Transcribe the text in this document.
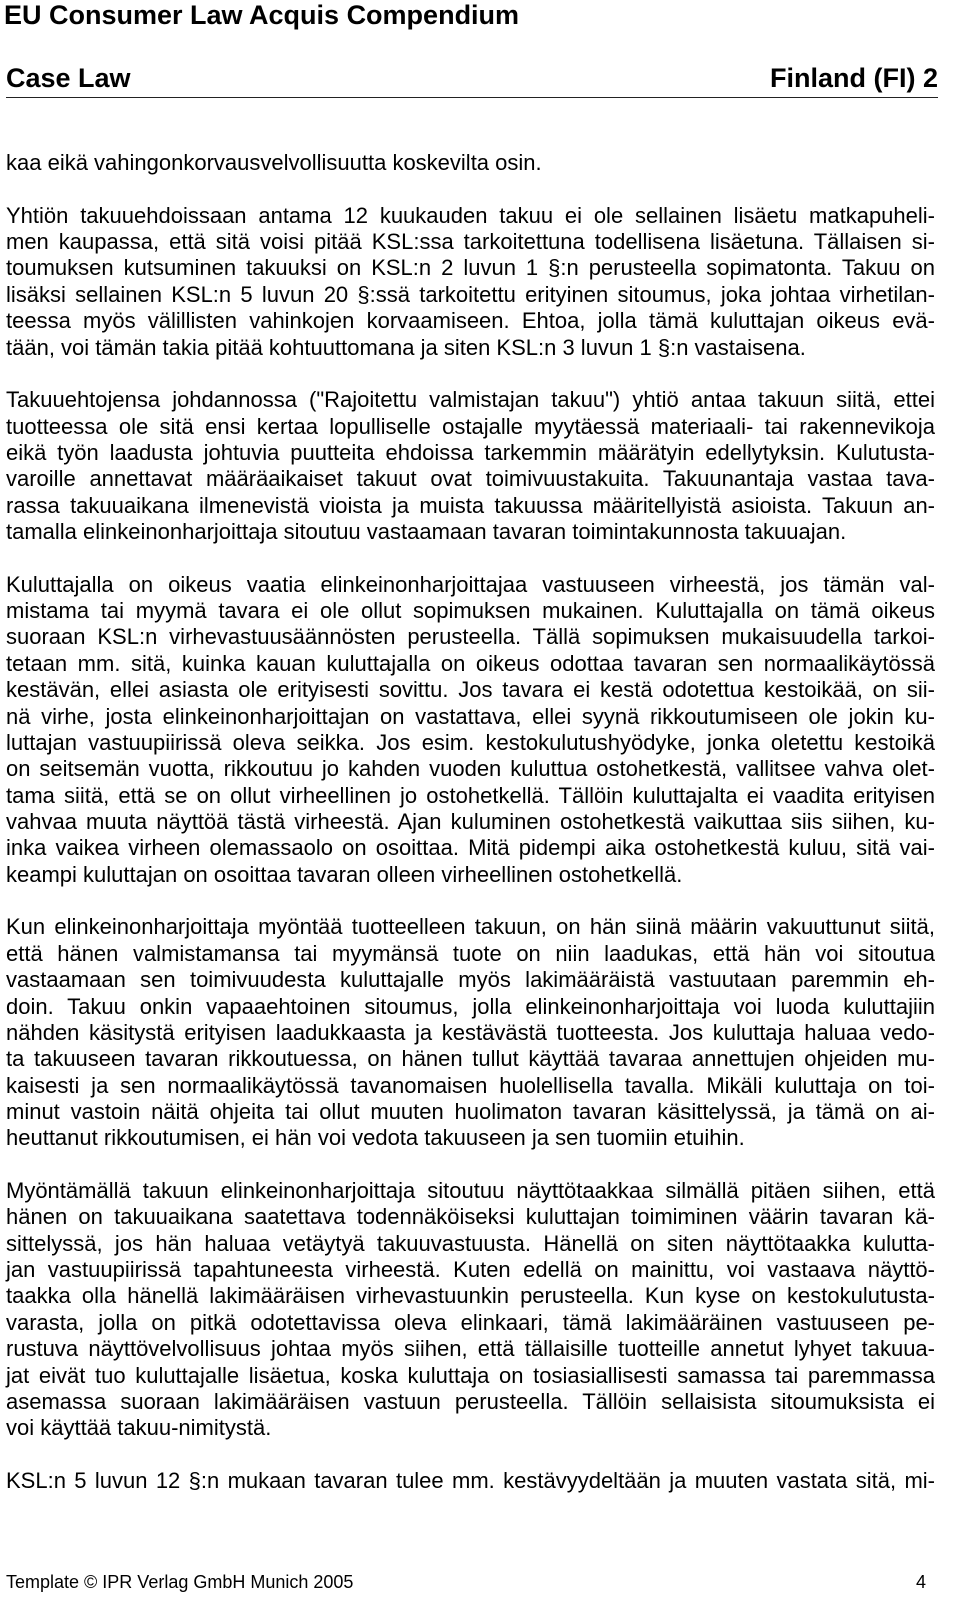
EU Consumer Law Acquis Compendium
Case Law	Finland (FI) 2
kaa eikä vahingonkorvausvelvollisuutta koskevilta osin.
Yhtiön takuuehdoissaan antama 12 kuukauden takuu ei ole sellainen lisäetu matkapuheli-
men kaupassa, että sitä voisi pitää KSL:ssa tarkoitettuna todellisena lisäetuna. Tällaisen si-
toumuksen kutsuminen takuuksi on KSL:n 2 luvun 1 §:n perusteella sopimatonta. Takuu on
lisäksi sellainen KSL:n 5 luvun 20 §:ssä tarkoitettu erityinen sitoumus, joka johtaa virhetilan-
teessa myös välillisten vahinkojen korvaamiseen. Ehtoa, jolla tämä kuluttajan oikeus evä-
tään, voi tämän takia pitää kohtuuttomana ja siten KSL:n 3 luvun 1 §:n vastaisena.
Takuuehtojensa johdannossa ("Rajoitettu valmistajan takuu") yhtiö antaa takuun siitä, ettei
tuotteessa ole sitä ensi kertaa lopulliselle ostajalle myytäessä materiaali- tai rakennevikoja
eikä työn laadusta johtuvia puutteita ehdoissa tarkemmin määrätyin edellytyksin. Kulutusta-
varoille annettavat määräaikaiset takuut ovat toimivuustakuita. Takuunantaja vastaa tava-
rassa takuuaikana ilmenevistä vioista ja muista takuussa määritellyistä asioista. Takuun an-
tamalla elinkeinonharjoittaja sitoutuu vastaamaan tavaran toimintakunnosta takuuajan.
Kuluttajalla on oikeus vaatia elinkeinonharjoittajaa vastuuseen virheestä, jos tämän val-
mistama tai myymä tavara ei ole ollut sopimuksen mukainen. Kuluttajalla on tämä oikeus
suoraan KSL:n virhevastuusäännösten perusteella. Tällä sopimuksen mukaisuudella tarkoi-
tetaan mm. sitä, kuinka kauan kuluttajalla on oikeus odottaa tavaran sen normaalikäytössä
kestävän, ellei asiasta ole erityisesti sovittu. Jos tavara ei kestä odotettua kestoikää, on sii-
nä virhe, josta elinkeinonharjoittajan on vastattava, ellei syynä rikkoutumiseen ole jokin ku-
luttajan vastuupiirissä oleva seikka. Jos esim. kestokulutushyödyke, jonka oletettu kestoikä
on seitsemän vuotta, rikkoutuu jo kahden vuoden kuluttua ostohetkestä, vallitsee vahva olet-
tama siitä, että se on ollut virheellinen jo ostohetkellä. Tällöin kuluttajalta ei vaadita erityisen
vahvaa muuta näyttöä tästä virheestä. Ajan kuluminen ostohetkestä vaikuttaa siis siihen, ku-
inka vaikea virheen olemassaolo on osoittaa. Mitä pidempi aika ostohetkestä kuluu, sitä vai-
keampi kuluttajan on osoittaa tavaran olleen virheellinen ostohetkellä.
Kun elinkeinonharjoittaja myöntää tuotteelleen takuun, on hän siinä määrin vakuuttunut siitä,
että hänen valmistamansa tai myymänsä tuote on niin laadukas, että hän voi sitoutua
vastaamaan sen toimivuudesta kuluttajalle myös lakimääräistä vastuutaan paremmin eh-
doin. Takuu onkin vapaaehtoinen sitoumus, jolla elinkeinonharjoittaja voi luoda kuluttajiin
nähden käsitystä erityisen laadukkaasta ja kestävästä tuotteesta. Jos kuluttaja haluaa vedo-
ta takuuseen tavaran rikkoutuessa, on hänen tullut käyttää tavaraa annettujen ohjeiden mu-
kaisesti ja sen normaalikäytössä tavanomaisen huolellisella tavalla. Mikäli kuluttaja on toi-
minut vastoin näitä ohjeita tai ollut muuten huolimaton tavaran käsittelyssä, ja tämä on ai-
heuttanut rikkoutumisen, ei hän voi vedota takuuseen ja sen tuomiin etuihin.
Myöntämällä takuun elinkeinonharjoittaja sitoutuu näyttötaakkaa silmällä pitäen siihen, että
hänen on takuuaikana saatettava todennäköiseksi kuluttajan toimiminen väärin tavaran kä-
sittelyssä, jos hän haluaa vetäytyä takuuvastuusta. Hänellä on siten näyttötaakka kulutta-
jan vastuupiirissä tapahtuneesta virheestä. Kuten edellä on mainittu, voi vastaava näyttö-
taakka olla hänellä lakimääräisen virhevastuunkin perusteella. Kun kyse on kestokulutusta-
varasta, jolla on pitkä odotettavissa oleva elinkaari, tämä lakimääräinen vastuuseen pe-
rustuva näyttövelvollisuus johtaa myös siihen, että tällaisille tuotteille annetut lyhyet takuua-
jat eivät tuo kuluttajalle lisäetua, koska kuluttaja on tosiasiallisesti samassa tai paremmassa
asemassa suoraan lakimääräisen vastuun perusteella. Tällöin sellaisista sitoumuksista ei
voi käyttää takuu-nimitystä.
KSL:n 5 luvun 12 §:n mukaan tavaran tulee mm. kestävyydeltään ja muuten vastata sitä, mi-
Template © IPR Verlag GmbH Munich 2005	4
